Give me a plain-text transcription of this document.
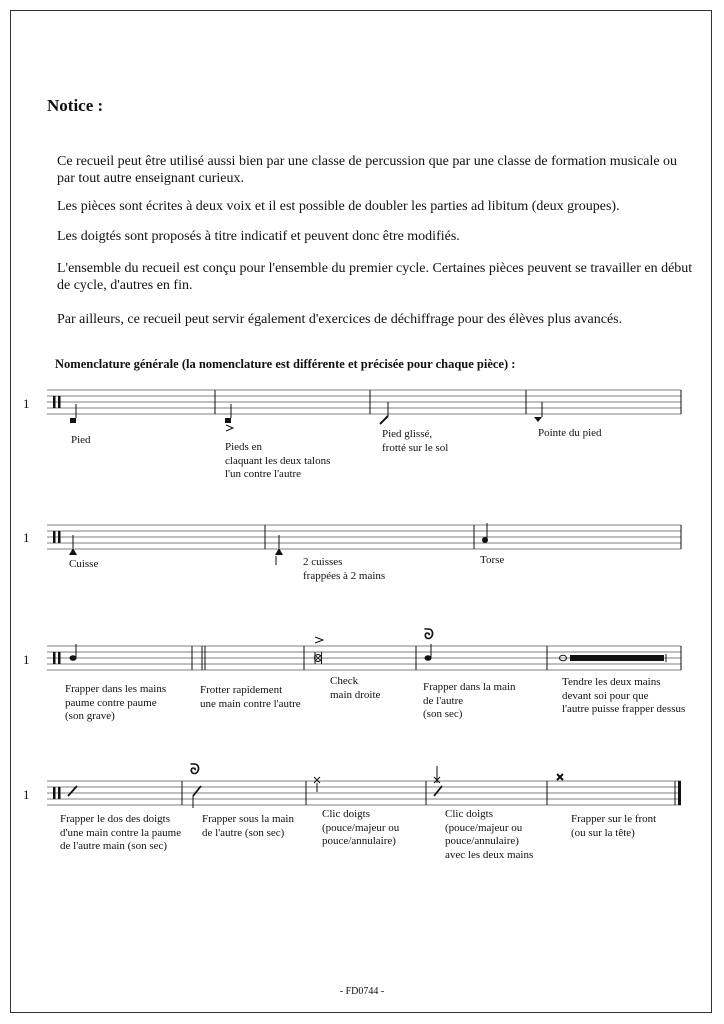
Notice :
Ce recueil peut être utilisé aussi bien par une classe de percussion que par une classe de formation musicale ou par tout autre enseignant curieux.
Les pièces sont écrites à deux voix et il est possible de doubler les parties ad libitum (deux groupes).
Les doigtés sont proposés à titre indicatif et peuvent donc être modifiés.
L'ensemble du recueil est conçu pour l'ensemble du premier cycle. Certaines pièces peuvent se travailler en début de cycle, d'autres en fin.
Par ailleurs, ce recueil peut servir également d'exercices de déchiffrage pour des élèves plus avancés.
Nomenclature générale (la nomenclature est différente et précisée pour chaque pièce) :
1
Pied
Pieds en
claquant les deux talons
l'un contre l'autre
Pied glissé,
frotté sur le sol
Pointe du pied
1
Cuisse	2 cuisses
frappées à 2 mains
Torse
1
ᘐ
Frapper dans les mains
paume contre paume
(son grave)
Frotter rapidement
une main contre l'autre
Check
main droite
Frapper dans la main
de l'autre
(son sec)
Tendre les deux mains
devant soi pour que
l'autre puisse frapper dessus
1
ᘐ
Frapper le dos des doigts
d'une main contre la paume
de l'autre main (son sec)
Frapper sous la main
de l'autre (son sec)
Clic doigts
(pouce/majeur ou
pouce/annulaire)
Clic doigts
(pouce/majeur ou
pouce/annulaire)
avec les deux mains
Frapper sur le front
(ou sur la tête)
- FD0744 -
